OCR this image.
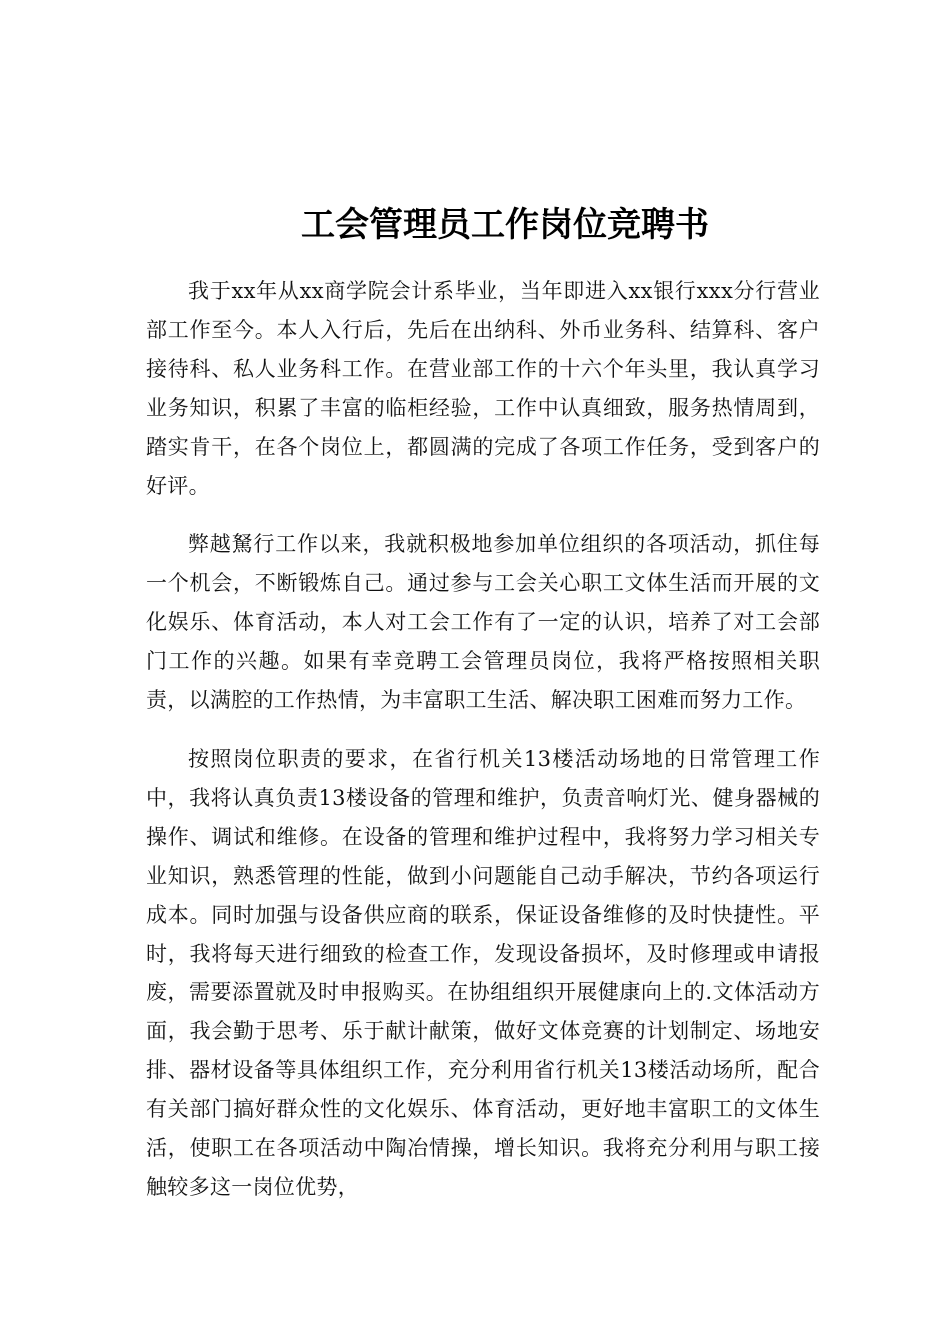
工会管理员工作岗位竞聘书

我于xx年从xx商学院会计系毕业，当年即进入xx银行xxx分行营业部工作至今。本人入行后，先后在出纳科、外币业务科、结算科、客户接待科、私人业务科工作。在营业部工作的十六个年头里，我认真学习业务知识，积累了丰富的临柜经验，工作中认真细致，服务热情周到，踏实肯干，在各个岗位上，都圆满的完成了各项工作任务，受到客户的好评。

弊越駑行工作以来，我就积极地参加单位组织的各项活动，抓住每一个机会，不断锻炼自己。通过参与工会关心职工文体生活而开展的文化娱乐、体育活动，本人对工会工作有了一定的认识，培养了对工会部门工作的兴趣。如果有幸竞聘工会管理员岗位，我将严格按照相关职责，以满腔的工作热情，为丰富职工生活、解决职工困难而努力工作。

按照岗位职责的要求，在省行机关13楼活动场地的日常管理工作中，我将认真负责13楼设备的管理和维护，负责音响灯光、健身器械的操作、调试和维修。在设备的管理和维护过程中，我将努力学习相关专业知识，熟悉管理的性能，做到小问题能自己动手解决，节约各项运行成本。同时加强与设备供应商的联系，保证设备维修的及时快捷性。平时，我将每天进行细致的检查工作，发现设备损坏，及时修理或申请报废，需要添置就及时申报购买。在协组组织开展健康向上的.文体活动方面，我会勤于思考、乐于献计献策，做好文体竞赛的计划制定、场地安排、器材设备等具体组织工作，充分利用省行机关13楼活动场所，配合有关部门搞好群众性的文化娱乐、体育活动，更好地丰富职工的文体生活，使职工在各项活动中陶冶情操，增长知识。我将充分利用与职工接触较多这一岗位优势，
